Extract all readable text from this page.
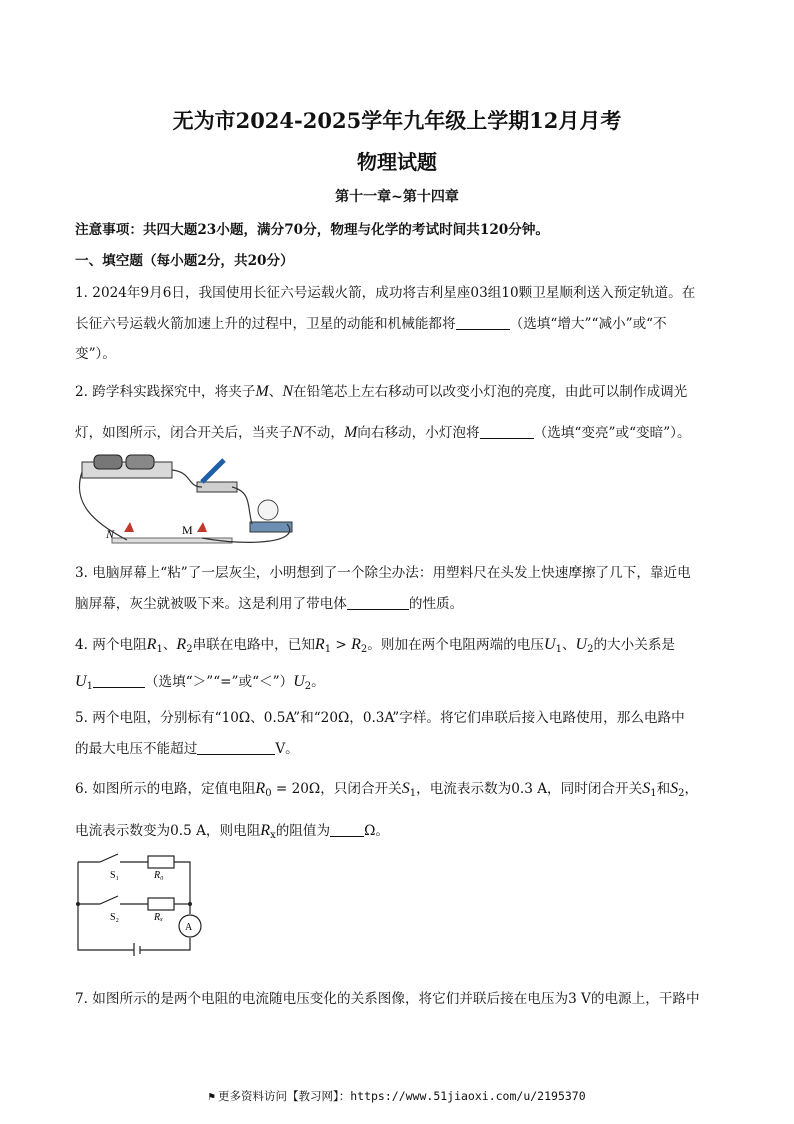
无为市2024-2025学年九年级上学期12月月考
物理试题
第十一章~第十四章
注意事项：共四大题23小题，满分70分，物理与化学的考试时间共120分钟。
一、填空题（每小题2分，共20分）
1. 2024年9月6日，我国使用长征六号运载火箭，成功将吉利星座03组10颗卫星顺利送入预定轨道。在
长征六号运载火箭加速上升的过程中，卫星的动能和机械能都将	（选填“增大”“减小”或“不
变”）。
2. 跨学科实践探究中，将夹子M、N在铅笔芯上左右移动可以改变小灯泡的亮度，由此可以制作成调光
灯，如图所示，闭合开关后，当夹子N不动，M向右移动，小灯泡将	（选填“变亮”或“变暗”）。
N	M
3. 电脑屏幕上“粘”了一层灰尘，小明想到了一个除尘办法：用塑料尺在头发上快速摩擦了几下，靠近电
脑屏幕，灰尘就被吸下来。这是利用了带电体	的性质。
4. 两个电阻$R_1$、$R_2$串联在电路中，已知$R_1 > R_2$。则加在两个电阻两端的电压$U_1$、$U_2$的大小关系是
$U_1$	（选填“＞”“=”或“$<”)U_2$。
5. 两个电阻，分别标有“10Ω、0.5A”和“20Ω，0.3A”字样。将它们串联后接入电路使用，那么电路中
的最大电压不能超过	V。
6. 如图所示的电路，定值电阻$R_0 = 20\Omega$，只闭合开关$S_1$，电流表示数为0.3 A，同时闭合开关$S_1$和$S_2$，
电流表示数变为0.5 A，则电阻$R_x$的阻值为	Ω。
S₁	R₀
S₂	Rₓ
A
7. 如图所示的是两个电阻的电流随电压变化的关系图像，将它们并联后接在电压为3 V的电源上，干路中
⚑ 更多资料访问【教习网】：https://www.51jiaoxi.com/u/2195370
